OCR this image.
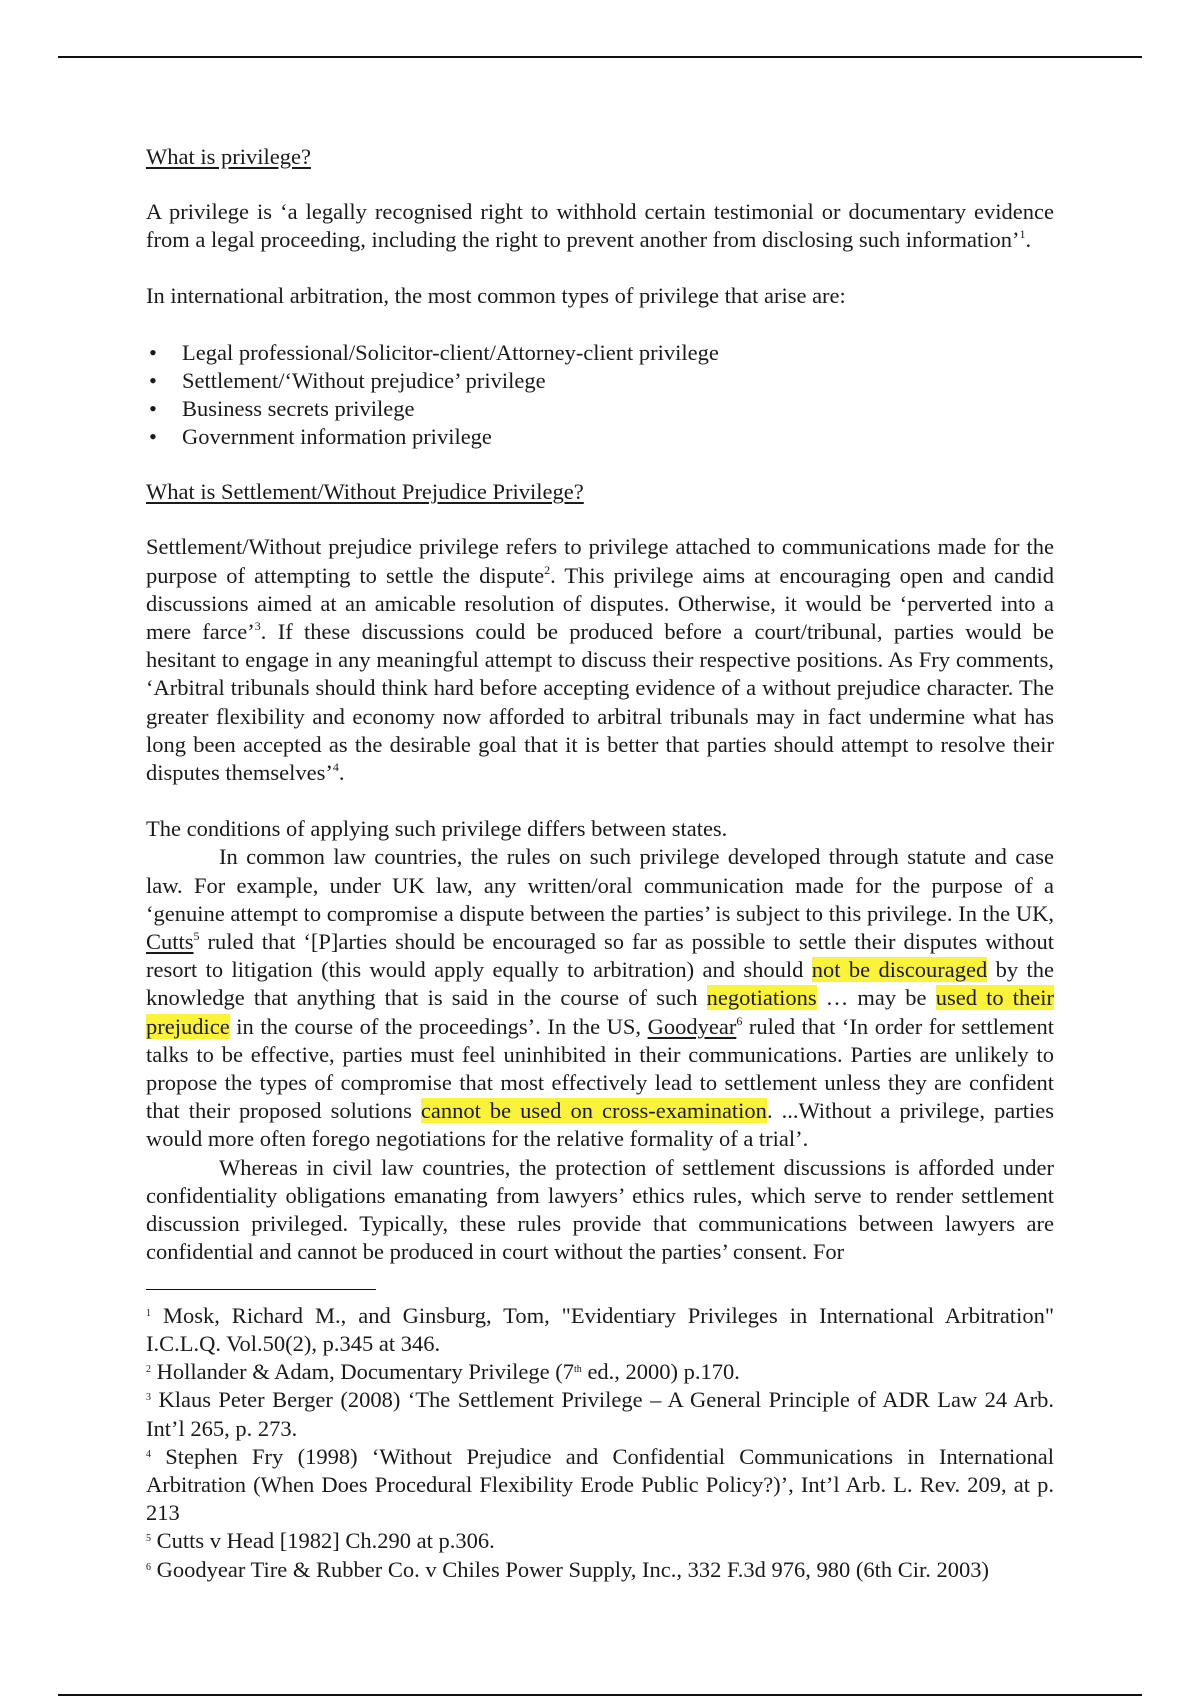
What is privilege?

A privilege is ‘a legally recognised right to withhold certain testimonial or documentary evidence from a legal proceeding, including the right to prevent another from disclosing such information’$^1$.

In international arbitration, the most common types of privilege that arise are:

• Legal professional/Solicitor-client/Attorney-client privilege
• Settlement/‘Without prejudice’ privilege
• Business secrets privilege
• Government information privilege
What is Settlement/Without Prejudice Privilege?

Settlement/Without prejudice privilege refers to privilege attached to communications made for the purpose of attempting to settle the dispute$^2$. This privilege aims at encouraging open and candid discussions aimed at an amicable resolution of disputes. Otherwise, it would be ‘perverted into a mere farce’$^3$. If these discussions could be produced before a court/tribunal, parties would be hesitant to engage in any meaningful attempt to discuss their respective positions. As Fry comments, ‘Arbitral tribunals should think hard before accepting evidence of a without prejudice character. The greater flexibility and economy now afforded to arbitral tribunals may in fact undermine what has long been accepted as the desirable goal that it is better that parties should attempt to resolve their disputes themselves’$^4$.

The conditions of applying such privilege differs between states.

In common law countries, the rules on such privilege developed through statute and case law. For example, under UK law, any written/oral communication made for the purpose of a ‘genuine attempt to compromise a dispute between the parties’ is subject to this privilege. In the UK, Cutts$^5$ ruled that ‘[P]arties should be encouraged so far as possible to settle their disputes without resort to litigation (this would apply equally to arbitration) and should not be discouraged by the knowledge that anything that is said in the course of such negotiations … may be used to their prejudice in the course of the proceedings’. In the US, Goodyear$^6$ ruled that ‘In order for settlement talks to be effective, parties must feel uninhibited in their communications. Parties are unlikely to propose the types of compromise that most effectively lead to settlement unless they are confident that their proposed solutions cannot be used on cross-examination. ...Without a privilege, parties would more often forego negotiations for the relative formality of a trial’.

Whereas in civil law countries, the protection of settlement discussions is afforded under confidentiality obligations emanating from lawyers’ ethics rules, which serve to render settlement discussion privileged. Typically, these rules provide that communications between lawyers are confidential and cannot be produced in court without the parties’ consent. For

$^1$ Mosk, Richard M., and Ginsburg, Tom, "Evidentiary Privileges in International Arbitration" I.C.L.Q. Vol.50(2), p.345 at 346.

$^2$ Hollander & Adam, Documentary Privilege (7th ed., 2000) p.170.

$^3$ Klaus Peter Berger (2008) ‘The Settlement Privilege – A General Principle of ADR Law 24 Arb. Int’l 265, p. 273.

$^4$ Stephen Fry (1998) ‘Without Prejudice and Confidential Communications in International Arbitration (When Does Procedural Flexibility Erode Public Policy?)’, Int’l Arb. L. Rev. 209, at p. 213

$^5$ Cutts v Head [1982] Ch.290 at p.306.

$^6$ Goodyear Tire & Rubber Co. v Chiles Power Supply, Inc., 332 F.3d 976, 980 (6th Cir. 2003)
